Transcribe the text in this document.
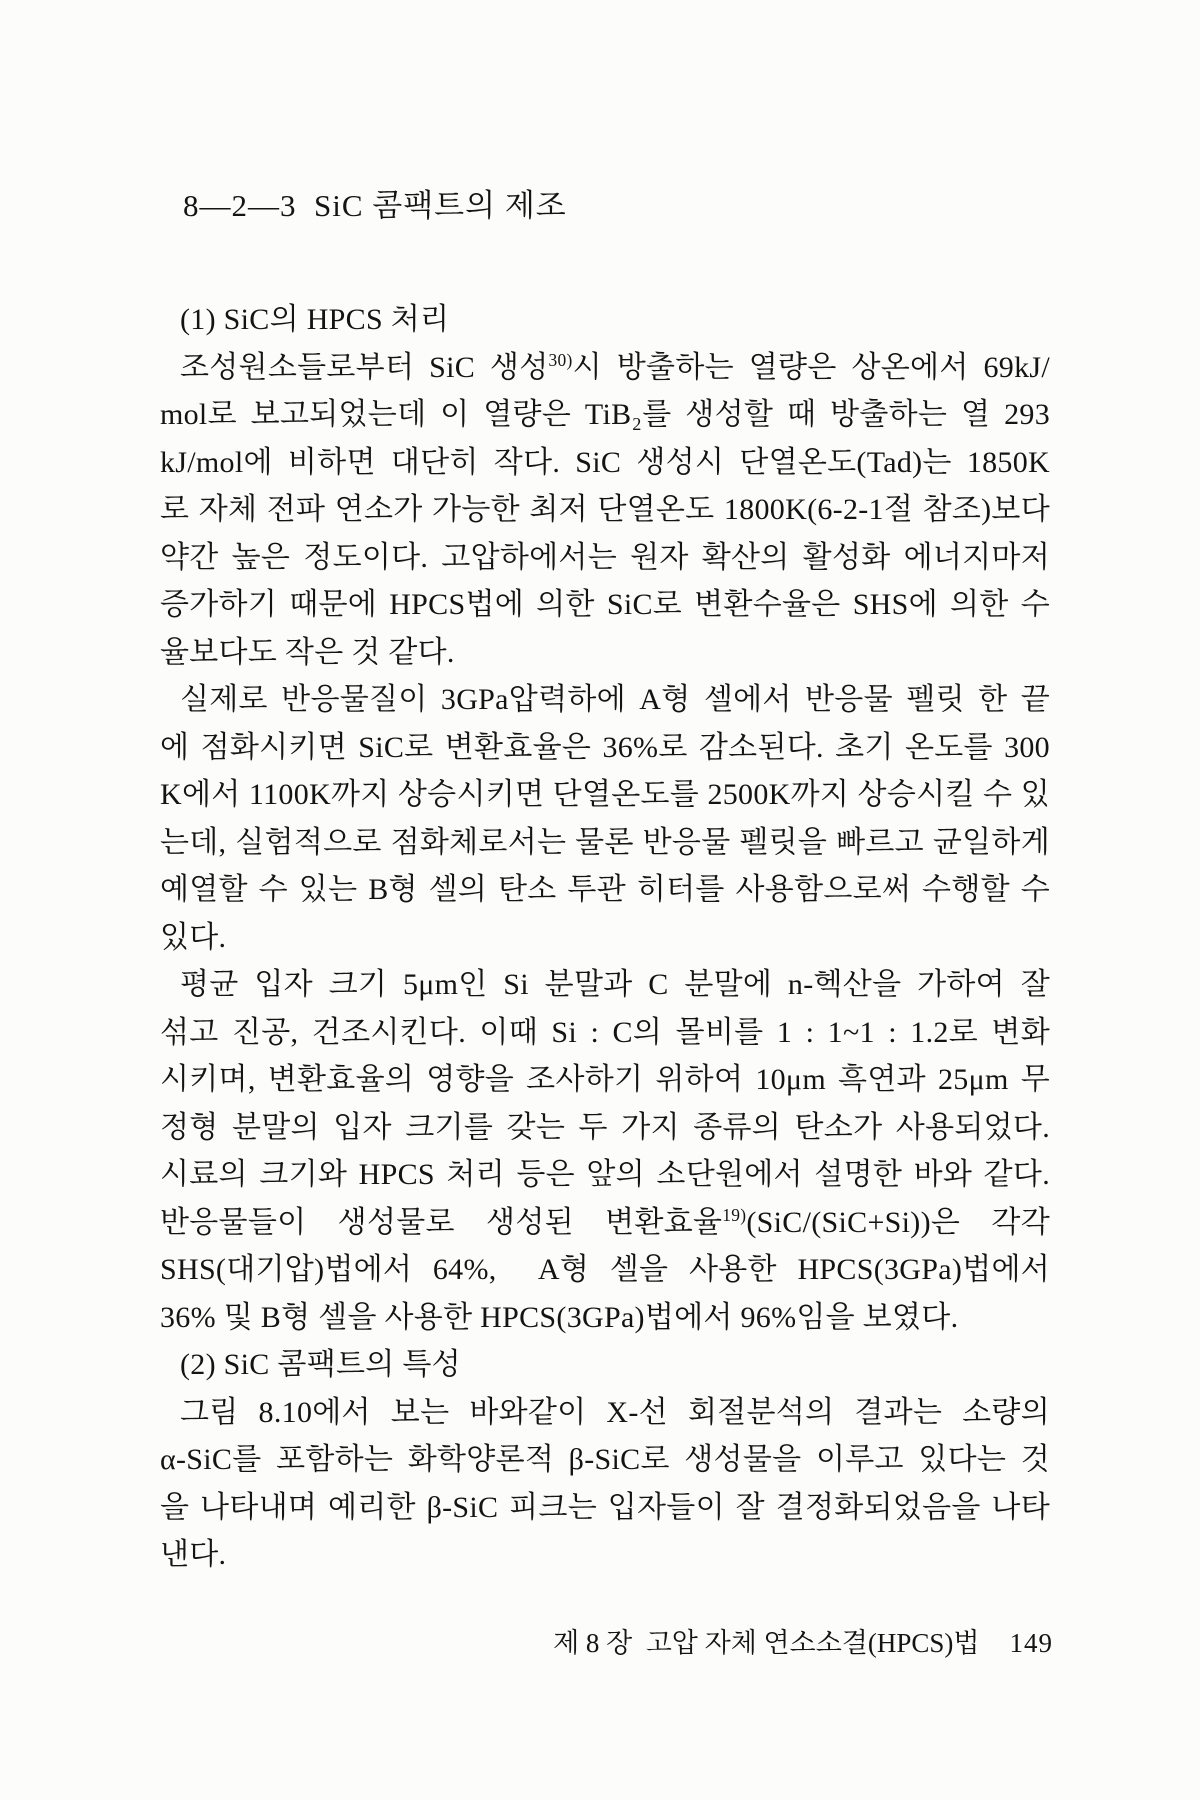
8—2—3  SiC 콤팩트의 제조
(1) SiC의 HPCS 처리
조성원소들로부터 SiC 생성$^{30)}$시 방출하는 열량은 상온에서 69kJ/
mol로 보고되었는데 이 열량은 TiB₂를 생성할 때 방출하는 열 293
kJ/mol에 비하면 대단히 작다. SiC 생성시 단열온도(Tad)는 1850K
로 자체 전파 연소가 가능한 최저 단열온도 1800K(6-2-1절 참조)보다
약간 높은 정도이다. 고압하에서는 원자 확산의 활성화 에너지마저
증가하기 때문에 HPCS법에 의한 SiC로 변환수율은 SHS에 의한 수
율보다도 작은 것 같다.
실제로 반응물질이 3GPa압력하에 A형 셀에서 반응물 펠릿 한 끝
에 점화시키면 SiC로 변환효율은 36%로 감소된다. 초기 온도를 300
K에서 1100K까지 상승시키면 단열온도를 2500K까지 상승시킬 수 있
는데, 실험적으로 점화체로서는 물론 반응물 펠릿을 빠르고 균일하게
예열할 수 있는 B형 셀의 탄소 투관 히터를 사용함으로써 수행할 수
있다.
평균 입자 크기 5μm인 Si 분말과 C 분말에 n-헥산을 가하여 잘
섞고 진공, 건조시킨다. 이때 Si : C의 몰비를 1 : 1~1 : 1.2로 변화
시키며, 변환효율의 영향을 조사하기 위하여 10μm 흑연과 25μm 무
정형 분말의 입자 크기를 갖는 두 가지 종류의 탄소가 사용되었다.
시료의 크기와 HPCS 처리 등은 앞의 소단원에서 설명한 바와 같다.
반응물들이 생성물로 생성된 변환효율$^{19)}$(SiC/(SiC+Si))은 각각
SHS(대기압)법에서 64%,  A형 셀을 사용한 HPCS(3GPa)법에서
36% 및 B형 셀을 사용한 HPCS(3GPa)법에서 96%임을 보였다.
(2) SiC 콤팩트의 특성
그림 8.10에서 보는 바와같이 X-선 회절분석의 결과는 소량의
α-SiC를 포함하는 화학양론적 β-SiC로 생성물을 이루고 있다는 것
을 나타내며 예리한 β-SiC 피크는 입자들이 잘 결정화되었음을 나타
낸다.

제 8 장  고압 자체 연소소결(HPCS)법 149
